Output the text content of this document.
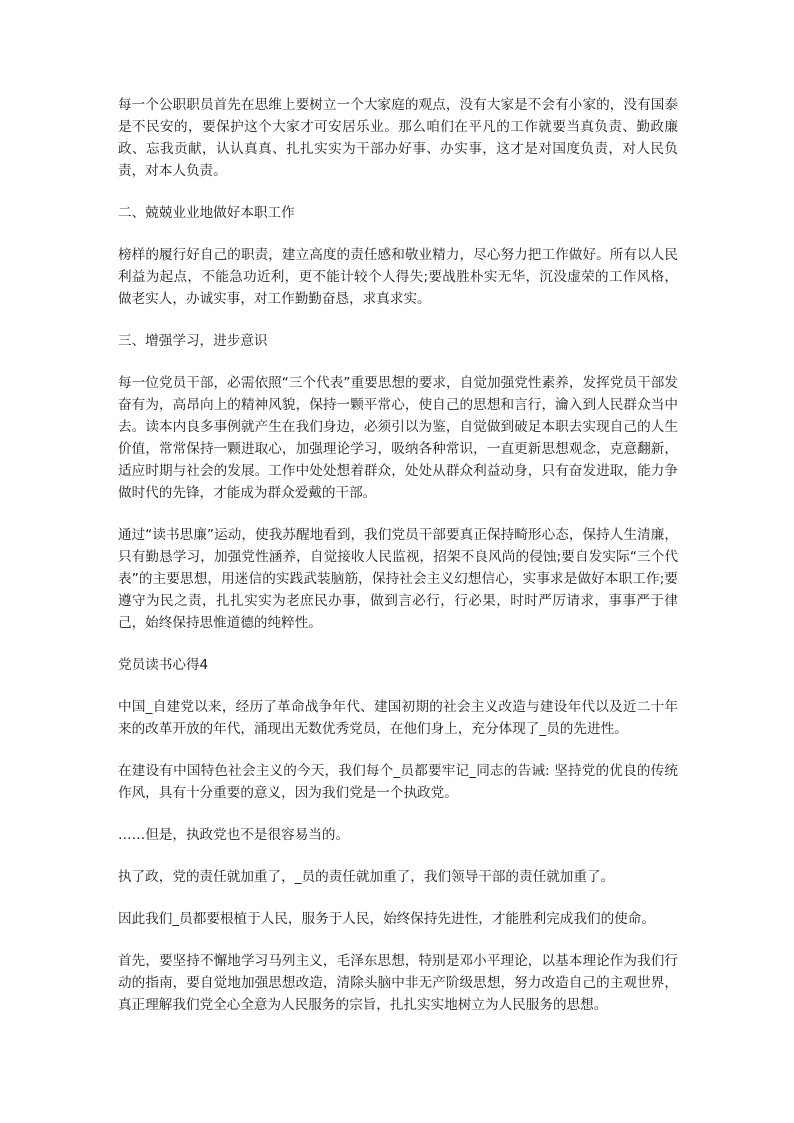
每一个公职职员首先在思维上要树立一个大家庭的观点，没有大家是不会有小家的，没有国泰是不民安的，要保护这个大家才可安居乐业。那么咱们在平凡的工作就要当真负责、勤政廉政、忘我贡献，认认真真、扎扎实实为干部办好事、办实事，这才是对国度负责，对人民负责，对本人负责。

二、兢兢业业地做好本职工作

榜样的履行好自己的职责，建立高度的责任感和敬业精力，尽心努力把工作做好。所有以人民利益为起点，不能急功近利，更不能计较个人得失;要战胜朴实无华，沉没虚荣的工作风格，做老实人，办诚实事，对工作勤勤奋恳，求真求实。

三、增强学习，进步意识

每一位党员干部，必需依照“三个代表”重要思想的要求，自觉加强党性素养，发挥党员干部发奋有为，高昂向上的精神风貌，保持一颗平常心，使自己的思想和言行，瀹入到人民群众当中去。读本内良多事例就产生在我们身边，必须引以为鉴，自觉做到破足本职去实现自己的人生价值，常常保持一颗进取心，加强理论学习，吸纳各种常识，一直更新思想观念，克意翻新，适应时期与社会的发展。工作中处处想着群众，处处从群众利益动身，只有奋发进取，能力争做时代的先锋，才能成为群众爱戴的干部。

通过“读书思廉”运动，使我苏醒地看到，我们党员干部要真正保持畸形心态，保持人生清廉，只有勤恳学习，加强党性涵养，自觉接收人民监视，招架不良风尚的侵蚀;要自发实际“三个代表”的主要思想，用迷信的实践武装脑筋，保持社会主义幻想信心，实事求是做好本职工作;要遵守为民之责，扎扎实实为老庶民办事，做到言必行，行必果，时时严厉请求，事事严于律己，始终保持思惟道德的纯粹性。

党员读书心得4

中国_自建党以来，经历了革命战争年代、建国初期的社会主义改造与建设年代以及近二十年来的改革开放的年代，涌现出无数优秀党员，在他们身上，充分体现了_员的先进性。

在建设有中国特色社会主义的今天，我们每个_员都要牢记_同志的告诫: 坚持党的优良的传统作风，具有十分重要的意义，因为我们党是一个执政党。

……但是，执政党也不是很容易当的。

执了政，党的责任就加重了，_员的责任就加重了，我们领导干部的责任就加重了。

因此我们_员都要根植于人民，服务于人民，始终保持先进性，才能胜利完成我们的使命。

首先，要坚持不懈地学习马列主义，毛泽东思想，特别是邓小平理论，以基本理论作为我们行动的指南，要自觉地加强思想改造，清除头脑中非无产阶级思想，努力改造自己的主观世界，真正理解我们党全心全意为人民服务的宗旨，扎扎实实地树立为人民服务的思想。
